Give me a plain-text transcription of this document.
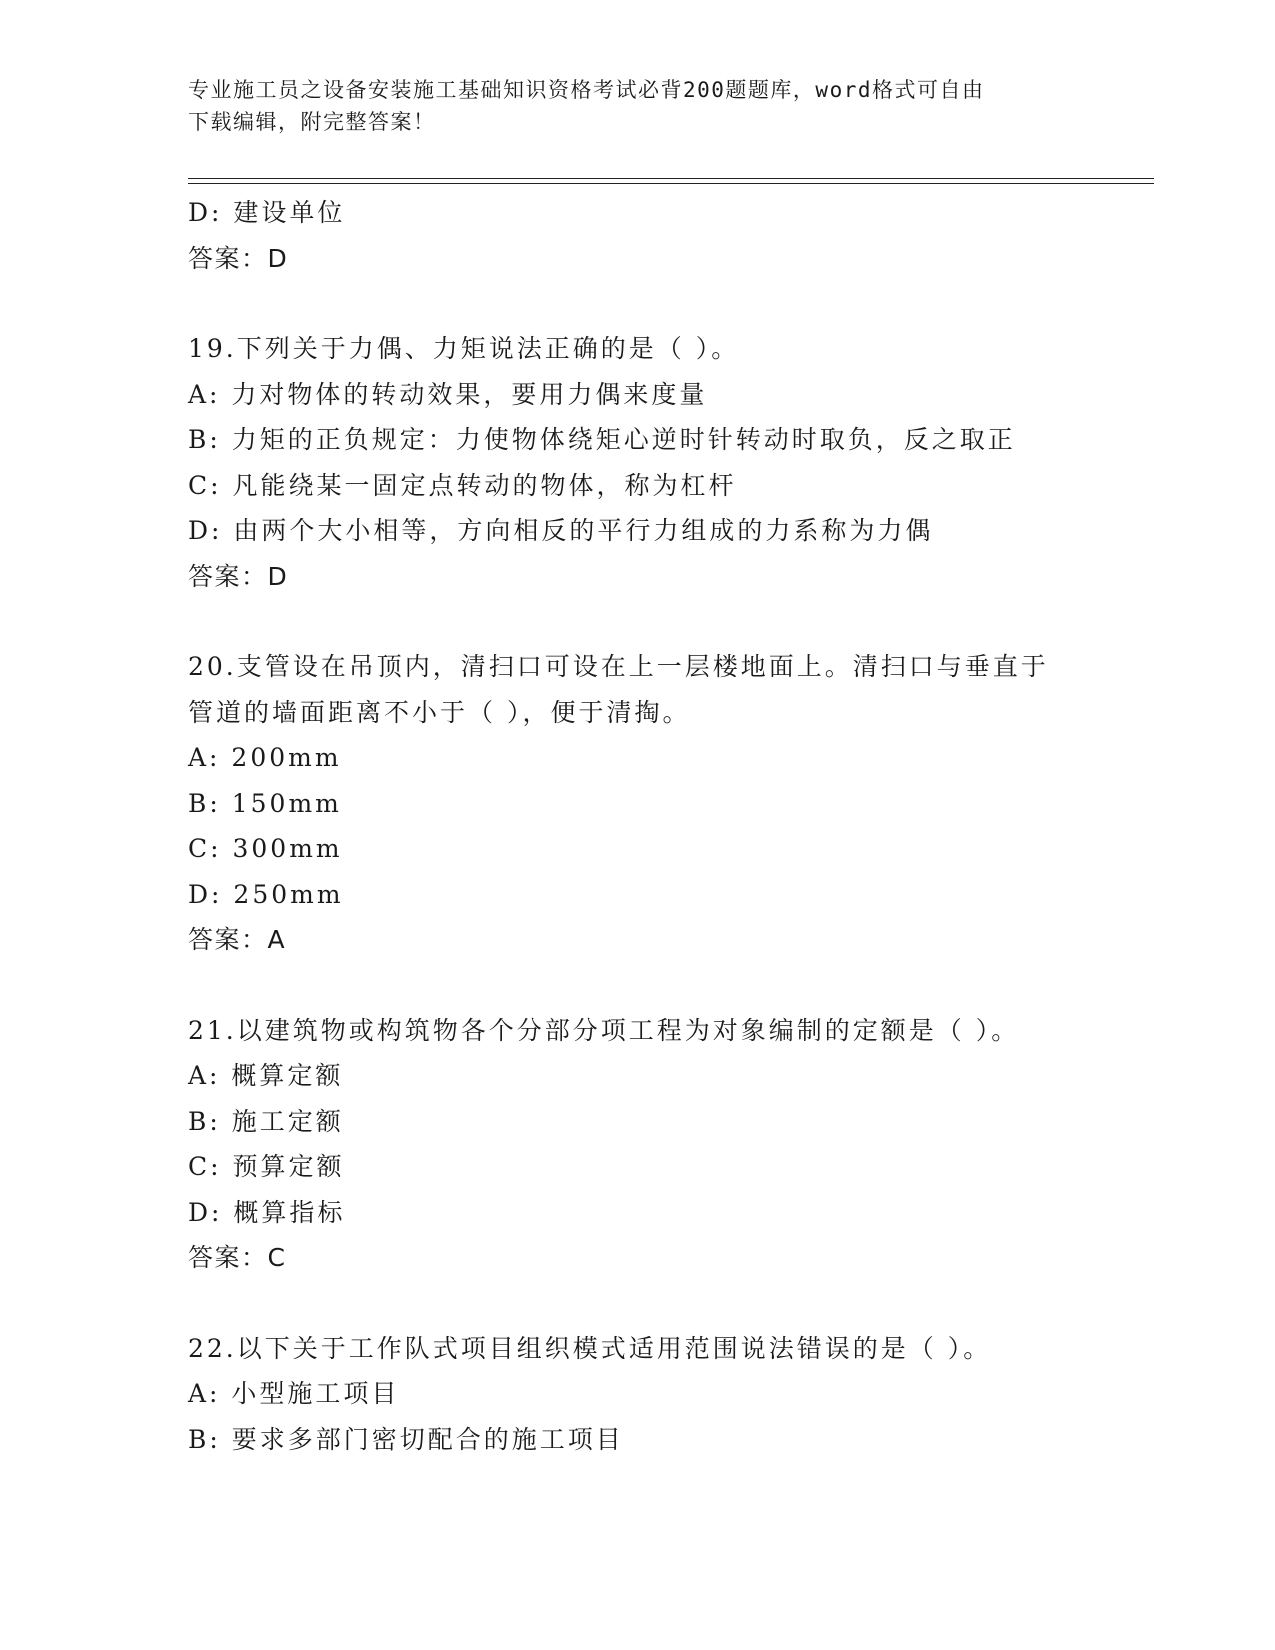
专业施工员之设备安装施工基础知识资格考试必背200题题库，word格式可自由
下载编辑，附完整答案！
D: 建设单位
答案：D
19.下列关于力偶、力矩说法正确的是（ ）。
A: 力对物体的转动效果，要用力偶来度量
B: 力矩的正负规定：力使物体绕矩心逆时针转动时取负，反之取正
C: 凡能绕某一固定点转动的物体，称为杠杆
D: 由两个大小相等，方向相反的平行力组成的力系称为力偶
答案：D
20.支管设在吊顶内，清扫口可设在上一层楼地面上。清扫口与垂直于
管道的墙面距离不小于（ ），便于清掏。
A: 200mm
B: 150mm
C: 300mm
D: 250mm
答案：A
21.以建筑物或构筑物各个分部分项工程为对象编制的定额是（ ）。
A: 概算定额
B: 施工定额
C: 预算定额
D: 概算指标
答案：C
22.以下关于工作队式项目组织模式适用范围说法错误的是（ ）。
A: 小型施工项目
B: 要求多部门密切配合的施工项目
